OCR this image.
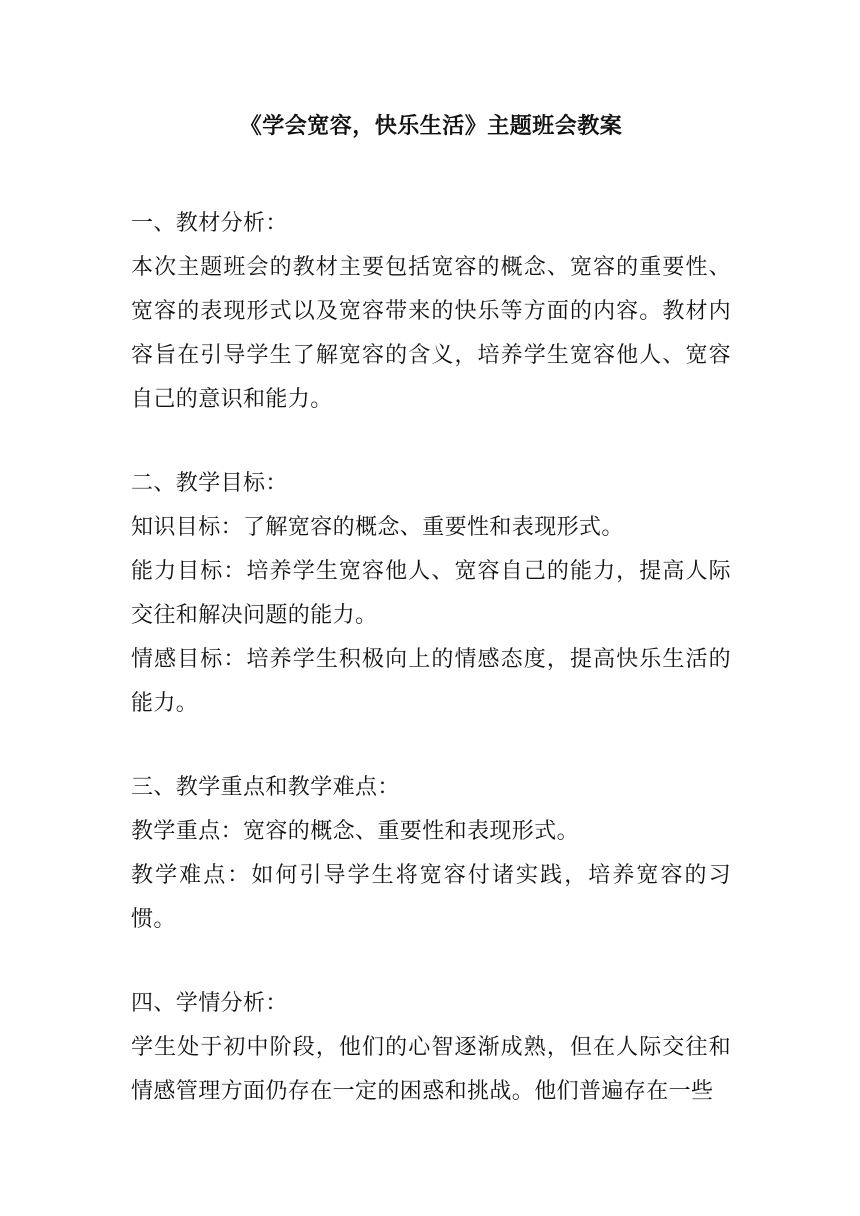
《学会宽容，快乐生活》主题班会教案

一、教材分析：

本次主题班会的教材主要包括宽容的概念、宽容的重要性、宽容的表现形式以及宽容带来的快乐等方面的内容。教材内容旨在引导学生了解宽容的含义，培养学生宽容他人、宽容自己的意识和能力。

二、教学目标：

知识目标：了解宽容的概念、重要性和表现形式。

能力目标：培养学生宽容他人、宽容自己的能力，提高人际交往和解决问题的能力。

情感目标：培养学生积极向上的情感态度，提高快乐生活的能力。

三、教学重点和教学难点：

教学重点：宽容的概念、重要性和表现形式。

教学难点：如何引导学生将宽容付诸实践，培养宽容的习惯。

四、学情分析：

学生处于初中阶段，他们的心智逐渐成熟，但在人际交往和情感管理方面仍存在一定的困惑和挑战。他们普遍存在一些
